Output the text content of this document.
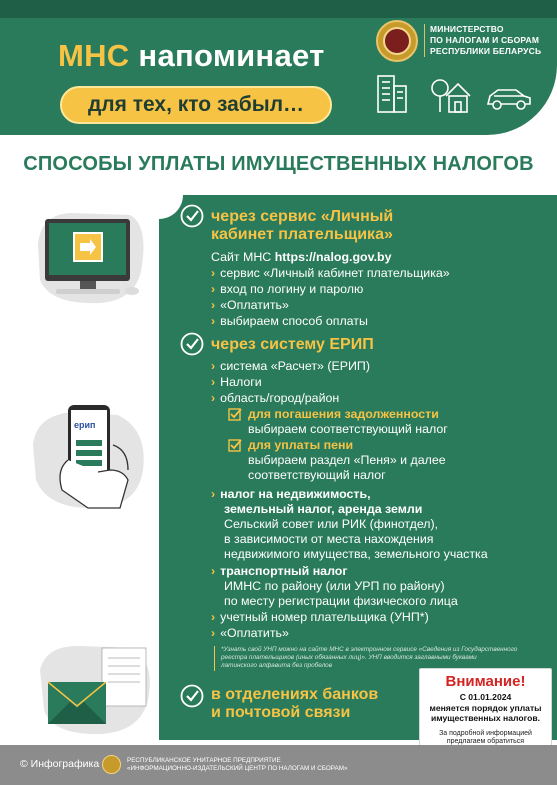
МНС напоминает
для тех, кто забыл…
МИНИСТЕРСТВО
ПО НАЛОГАМ И СБОРАМ
РЕСПУБЛИКИ БЕЛАРУСЬ
СПОСОБЫ УПЛАТЫ ИМУЩЕСТВЕННЫХ НАЛОГОВ
ерип
через сервис «Личный
кабинет плательщика»
Сайт МНС https://nalog.gov.by
› сервис «Личный кабинет плательщика»
› вход по логину и паролю
› «Оплатить»
› выбираем способ оплаты
через систему ЕРИП
› система «Расчет» (ЕРИП)
› Налоги
› область/город/район
для погашения задолженности
выбираем соответствующий налог
для уплаты пени
выбираем раздел «Пеня» и далее
соответствующий налог
› налог на недвижимость,
земельный налог, аренда земли
Сельский совет или РИК (финотдел),
в зависимости от места нахождения
недвижимого имущества, земельного участка
› транспортный налог
ИМНС по району (или УРП по району)
по месту регистрации физического лица
› учетный номер плательщика (УНП*)
› «Оплатить»
*Узнать свой УНП можно на сайте МНС в электронном сервисе «Сведения из Государственного
реестра плательщиков (иных обязанных лиц)». УНП вводится заглавными буквами
латинского алфавита без пробелов
в отделениях банков
и почтовой связи
Внимание!
С 01.01.2024
меняется порядок уплаты
имущественных налогов.
За подробной информацией
предлагаем обратиться
© Инфографика	РЕСПУБЛИКАНСКОЕ УНИТАРНОЕ ПРЕДПРИЯТИЕ
«ИНФОРМАЦИОННО-ИЗДАТЕЛЬСКИЙ ЦЕНТР ПО НАЛОГАМ И СБОРАМ»
